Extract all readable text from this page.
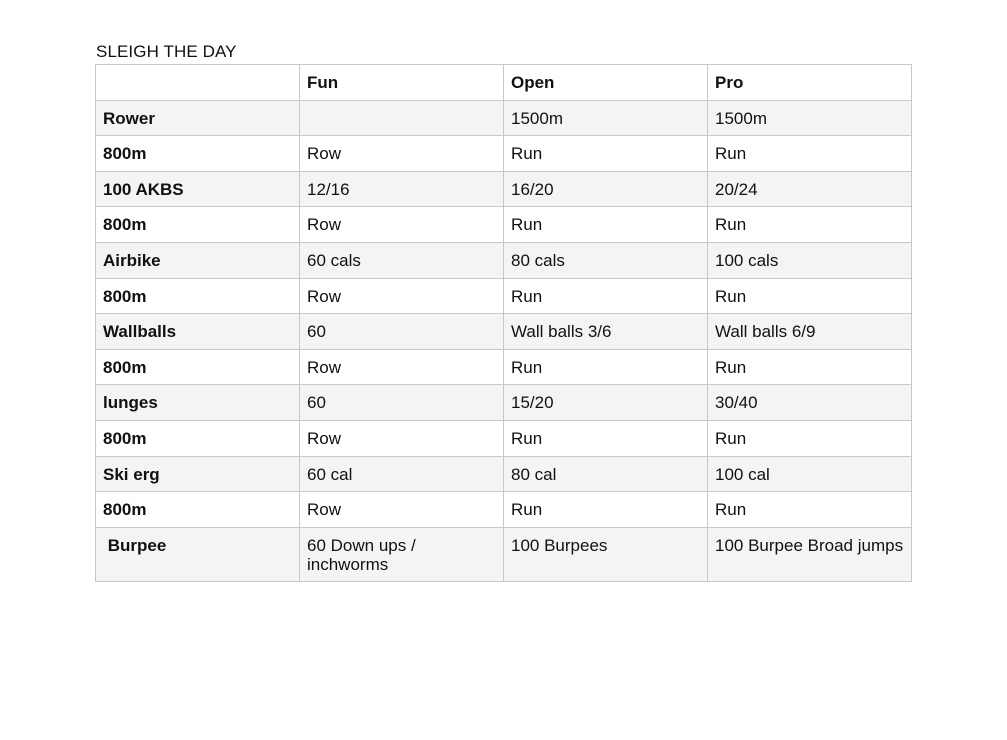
SLEIGH THE DAY
	Fun	Open	Pro
Rower		1500m	1500m
800m	Row	Run	Run
100 AKBS	12/16	16/20	20/24
800m	Row	Run	Run
Airbike	60 cals	80 cals	100 cals
800m	Row	Run	Run
Wallballs	60	Wall balls 3/6	Wall balls 6/9
800m	Row	Run	Run
lunges	60	15/20	30/40
800m	Row	Run	Run
Ski erg	60 cal	80 cal	100 cal
800m	Row	Run	Run
Burpee	60 Down ups / inchworms	100 Burpees	100 Burpee Broad jumps
